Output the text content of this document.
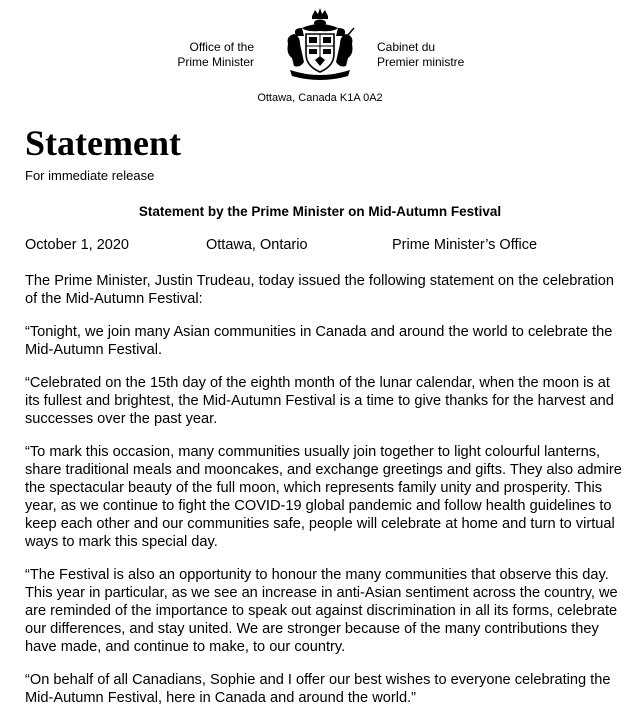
Office of the
Prime Minister
Cabinet du
Premier ministre
Ottawa, Canada K1A 0A2
Statement
For immediate release
Statement by the Prime Minister on Mid-Autumn Festival
October 1, 2020	Ottawa, Ontario	Prime Minister’s Office

The Prime Minister, Justin Trudeau, today issued the following statement on the celebration of the Mid-Autumn Festival:

“Tonight, we join many Asian communities in Canada and around the world to celebrate the Mid-Autumn Festival.

“Celebrated on the 15th day of the eighth month of the lunar calendar, when the moon is at its fullest and brightest, the Mid-Autumn Festival is a time to give thanks for the harvest and successes over the past year.

“To mark this occasion, many communities usually join together to light colourful lanterns, share traditional meals and mooncakes, and exchange greetings and gifts. They also admire the spectacular beauty of the full moon, which represents family unity and prosperity. This year, as we continue to fight the COVID-19 global pandemic and follow health guidelines to keep each other and our communities safe, people will celebrate at home and turn to virtual ways to mark this special day.

“The Festival is also an opportunity to honour the many communities that observe this day. This year in particular, as we see an increase in anti-Asian sentiment across the country, we are reminded of the importance to speak out against discrimination in all its forms, celebrate our differences, and stay united. We are stronger because of the many contributions they have made, and continue to make, to our country.

“On behalf of all Canadians, Sophie and I offer our best wishes to everyone celebrating the Mid-Autumn Festival, here in Canada and around the world.”
